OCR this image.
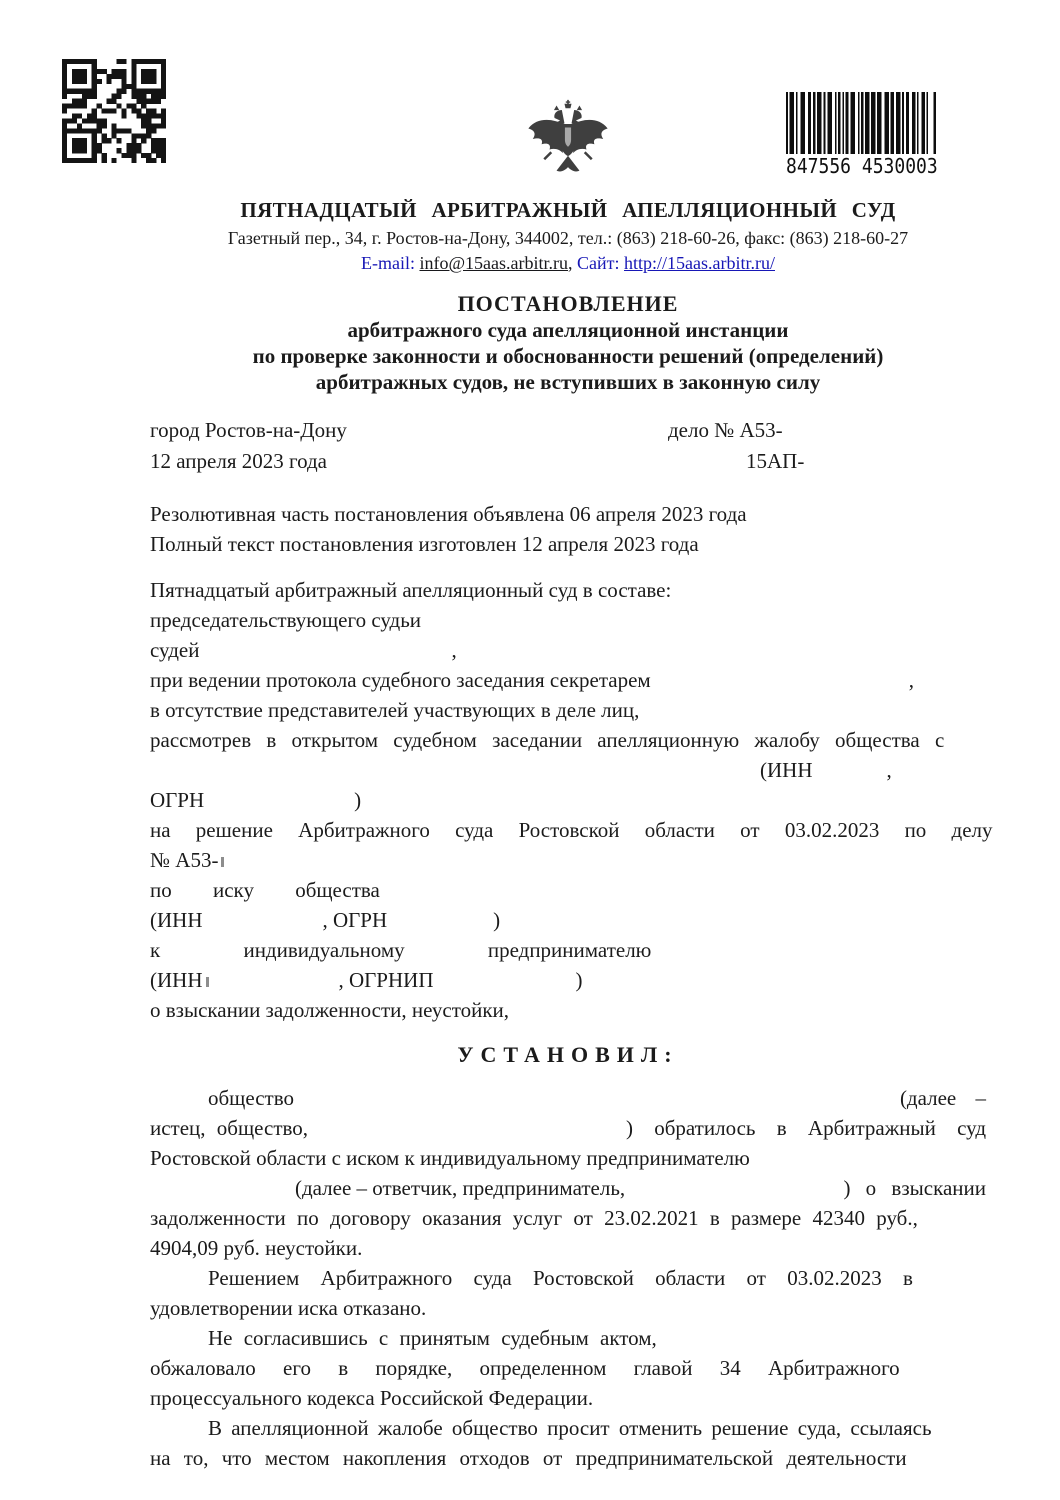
847556 4530003
ПЯТНАДЦАТЫЙ АРБИТРАЖНЫЙ АПЕЛЛЯЦИОННЫЙ СУД
Газетный пер., 34, г. Ростов-на-Дону, 344002, тел.: (863) 218-60-26, факс: (863) 218-60-27
E-mail: info@15aas.arbitr.ru, Сайт: http://15aas.arbitr.ru/
ПОСТАНОВЛЕНИЕ
арбитражного суда апелляционной инстанции
по проверке законности и обоснованности решений (определений)
арбитражных судов, не вступивших в законную силу
город Ростов-на-Дону
12 апреля 2023 года
дело № А53-
15АП-
Резолютивная часть постановления объявлена 06 апреля 2023 года
Полный текст постановления изготовлен 12 апреля 2023 года
Пятнадцатый арбитражный апелляционный суд в составе:
председательствующего судьи
судей	,
при ведении протокола судебного заседания секретарем	,
в отсутствие представителей участвующих в деле лиц,
рассмотрев в открытом судебном заседании апелляционную жалобу общества с
(ИНН	,
ОГРН	)
на решение Арбитражного суда Ростовской области от 03.02.2023 по делу
№ А53-
по иску общества
(ИНН	, ОГРН	)
к индивидуальному предпринимателю
(ИНН	, ОГРНИП	)
о взыскании задолженности, неустойки,
УСТАНОВИЛ:
общество	(далее –
истец, общество,	) обратилось в Арбитражный суд
Ростовской области с иском к индивидуальному предпринимателю
(далее – ответчик, предприниматель,	) о взыскании
задолженности по договору оказания услуг от 23.02.2021 в размере 42340 руб.,
4904,09 руб. неустойки.
Решением Арбитражного суда Ростовской области от 03.02.2023 в
удовлетворении иска отказано.
Не согласившись с принятым судебным актом,
обжаловало его в порядке, определенном главой 34 Арбитражного
процессуального кодекса Российской Федерации.
В апелляционной жалобе общество просит отменить решение суда, ссылаясь
на то, что местом накопления отходов от предпринимательской деятельности
